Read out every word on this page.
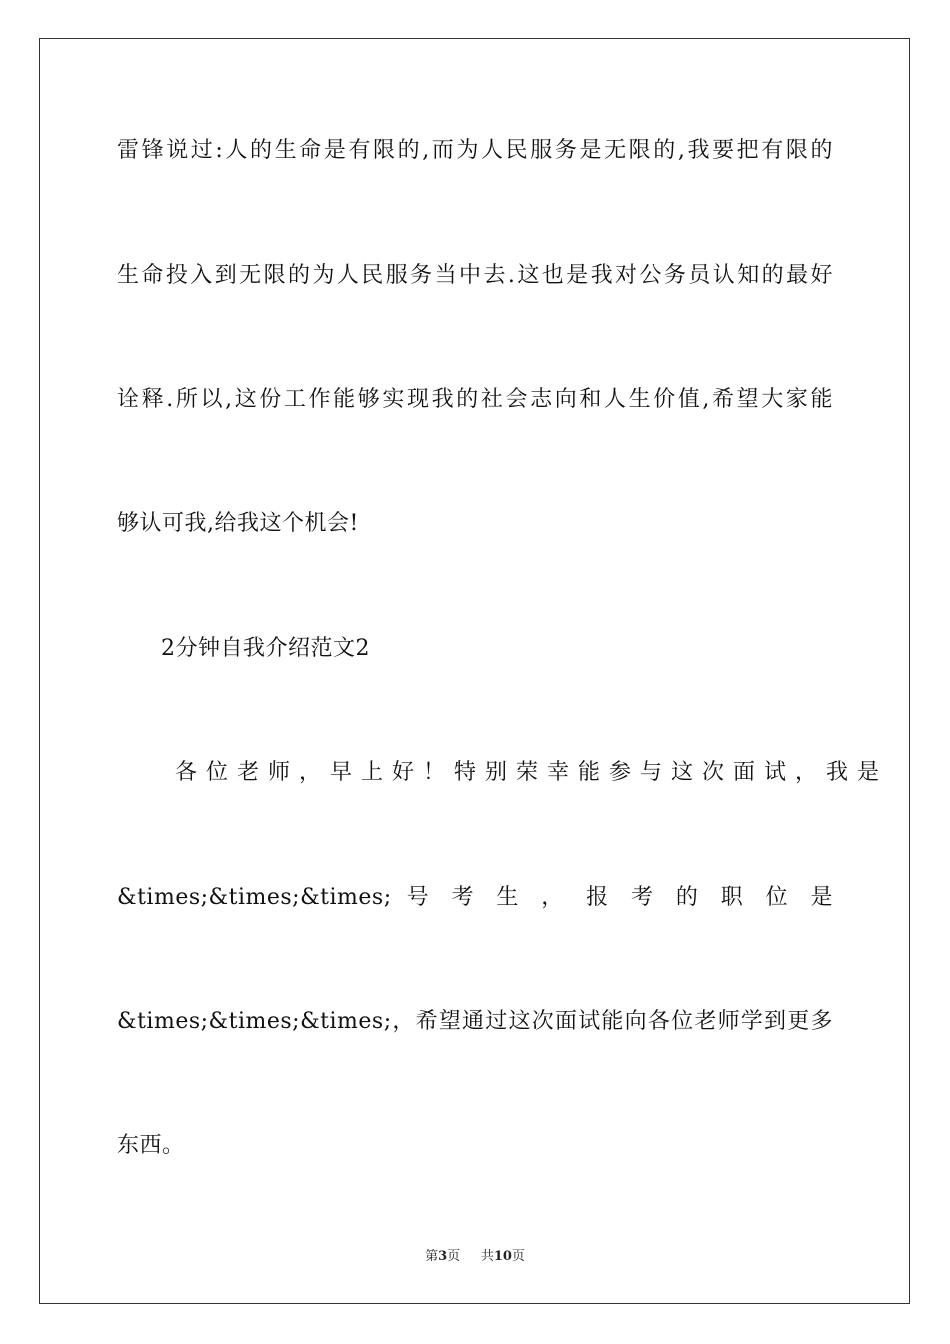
雷锋说过:人的生命是有限的,而为人民服务是无限的,我要把有限的
生命投入到无限的为人民服务当中去.这也是我对公务员认知的最好
诠释.所以,这份工作能够实现我的社会志向和人生价值,希望大家能
够认可我,给我这个机会!
2分钟自我介绍范文2
各位老师，早上好！特别荣幸能参与这次面试，我是
&times;&times;&times; 号 考 生 ， 报 考 的 职 位 是
&times;&times;&times;，希望通过这次面试能向各位老师学到更多
东西。
第3页 共10页
